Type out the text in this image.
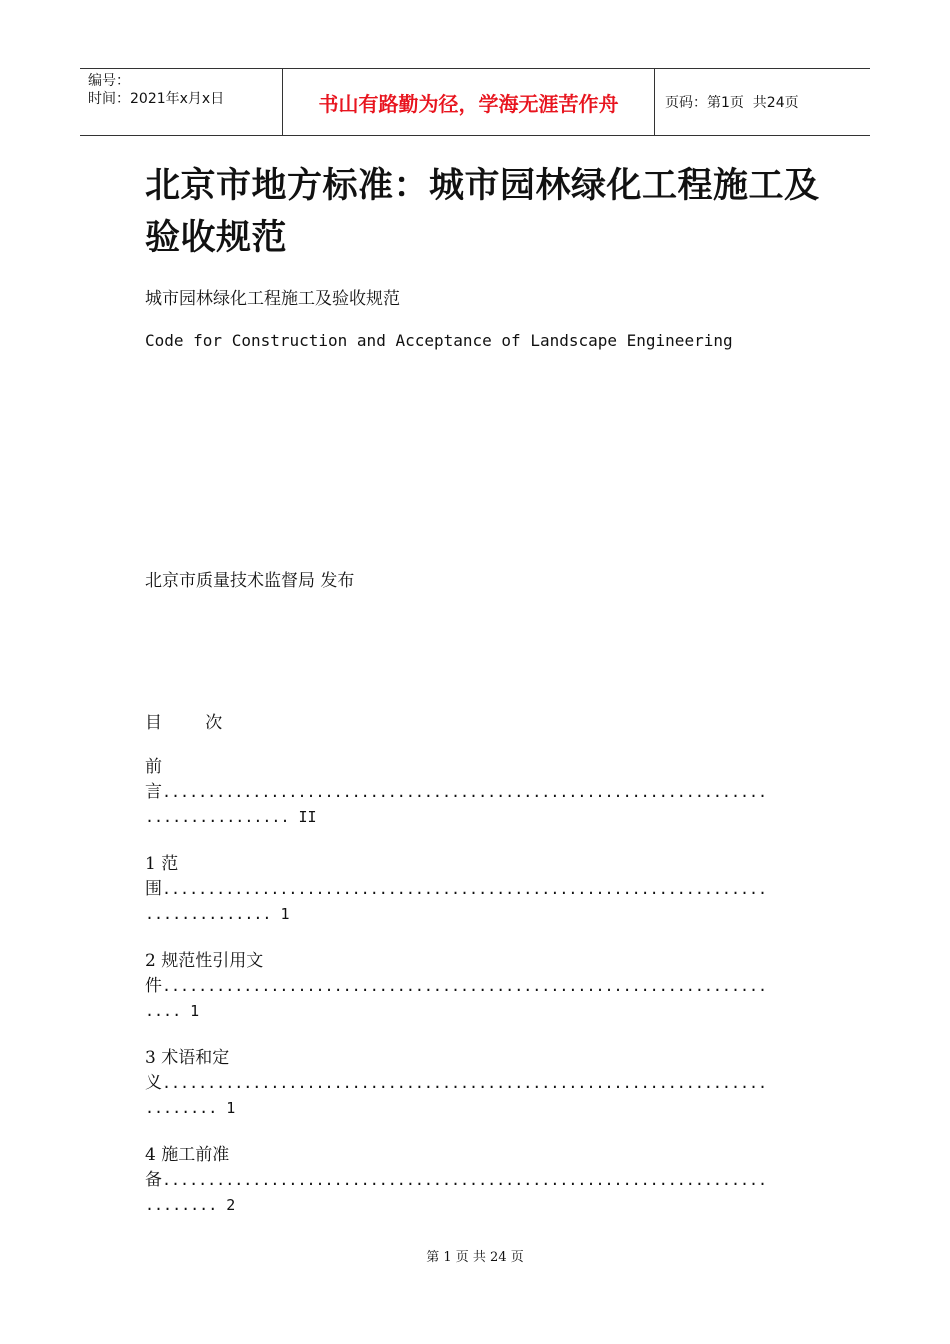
编号：
时间：2021年x月x日	书山有路勤为径，学海无涯苦作舟	页码：第1页  共24页
北京市地方标准：城市园林绿化工程施工及验收规范
城市园林绿化工程施工及验收规范
Code for Construction and Acceptance of Landscape Engineering
北京市质量技术监督局 发布
目        次
前
言...................................................................
................ II
1 范
围...................................................................
.............. 1
2 规范性引用文
件...................................................................
.... 1
3 术语和定
义...................................................................
........ 1
4 施工前准
备...................................................................
........ 2
第 1 页 共 24 页
